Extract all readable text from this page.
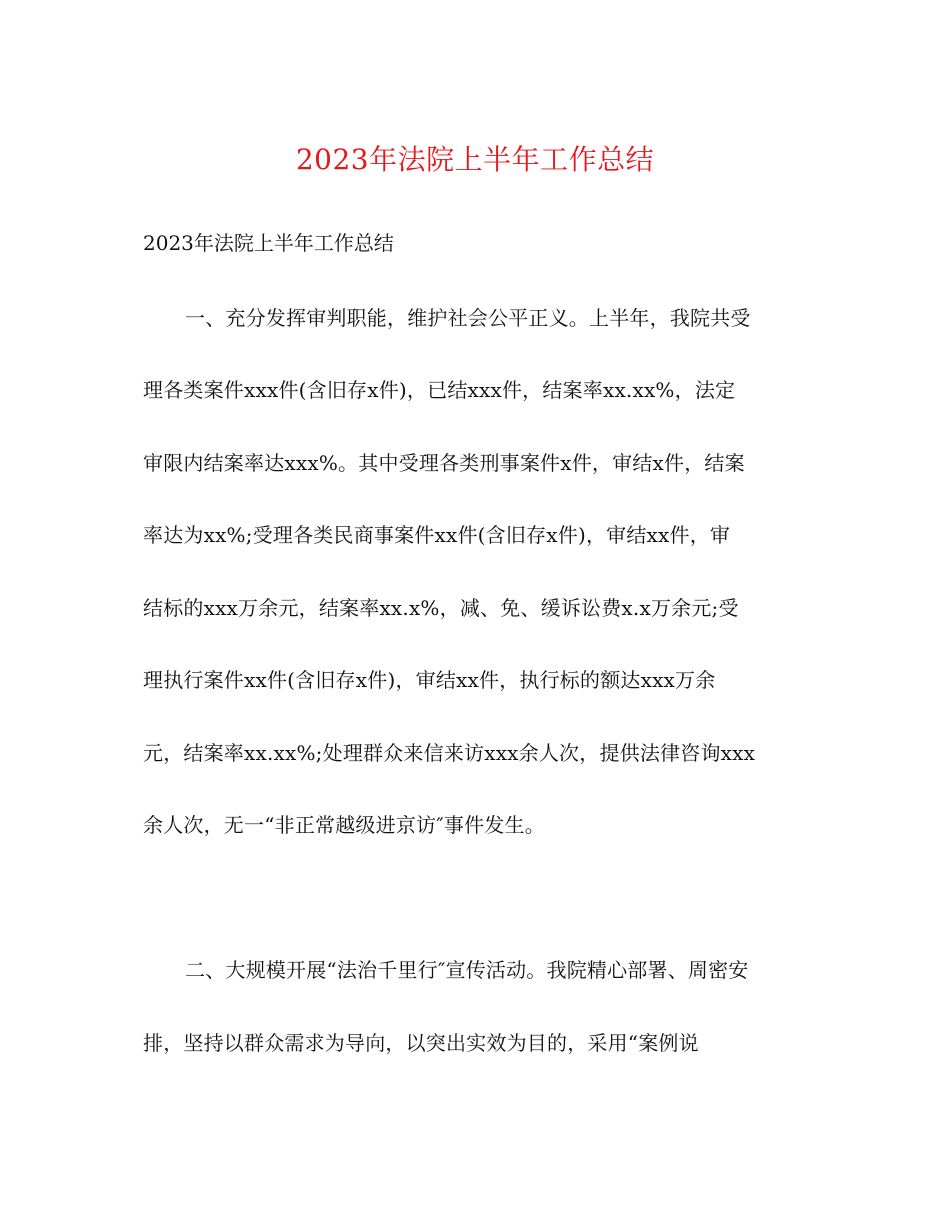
2023年法院上半年工作总结

2023年法院上半年工作总结

一、充分发挥审判职能，维护社会公平正义。上半年，我院共受

理各类案件xxx件(含旧存x件)，已结xxx件，结案率xx.xx%，法定

审限内结案率达xxx%。其中受理各类刑事案件x件，审结x件，结案

率达为xx%;受理各类民商事案件xx件(含旧存x件)，审结xx件，审

结标的xxx万余元，结案率xx.x%，减、免、缓诉讼费x.x万余元;受

理执行案件xx件(含旧存x件)，审结xx件，执行标的额达xxx万余

元，结案率xx.xx%;处理群众来信来访xxx余人次，提供法律咨询xxx

余人次，无一“非正常越级进京访″事件发生。

二、大规模开展“法治千里行″宣传活动。我院精心部署、周密安

排，坚持以群众需求为导向，以突出实效为目的，采用“案例说
